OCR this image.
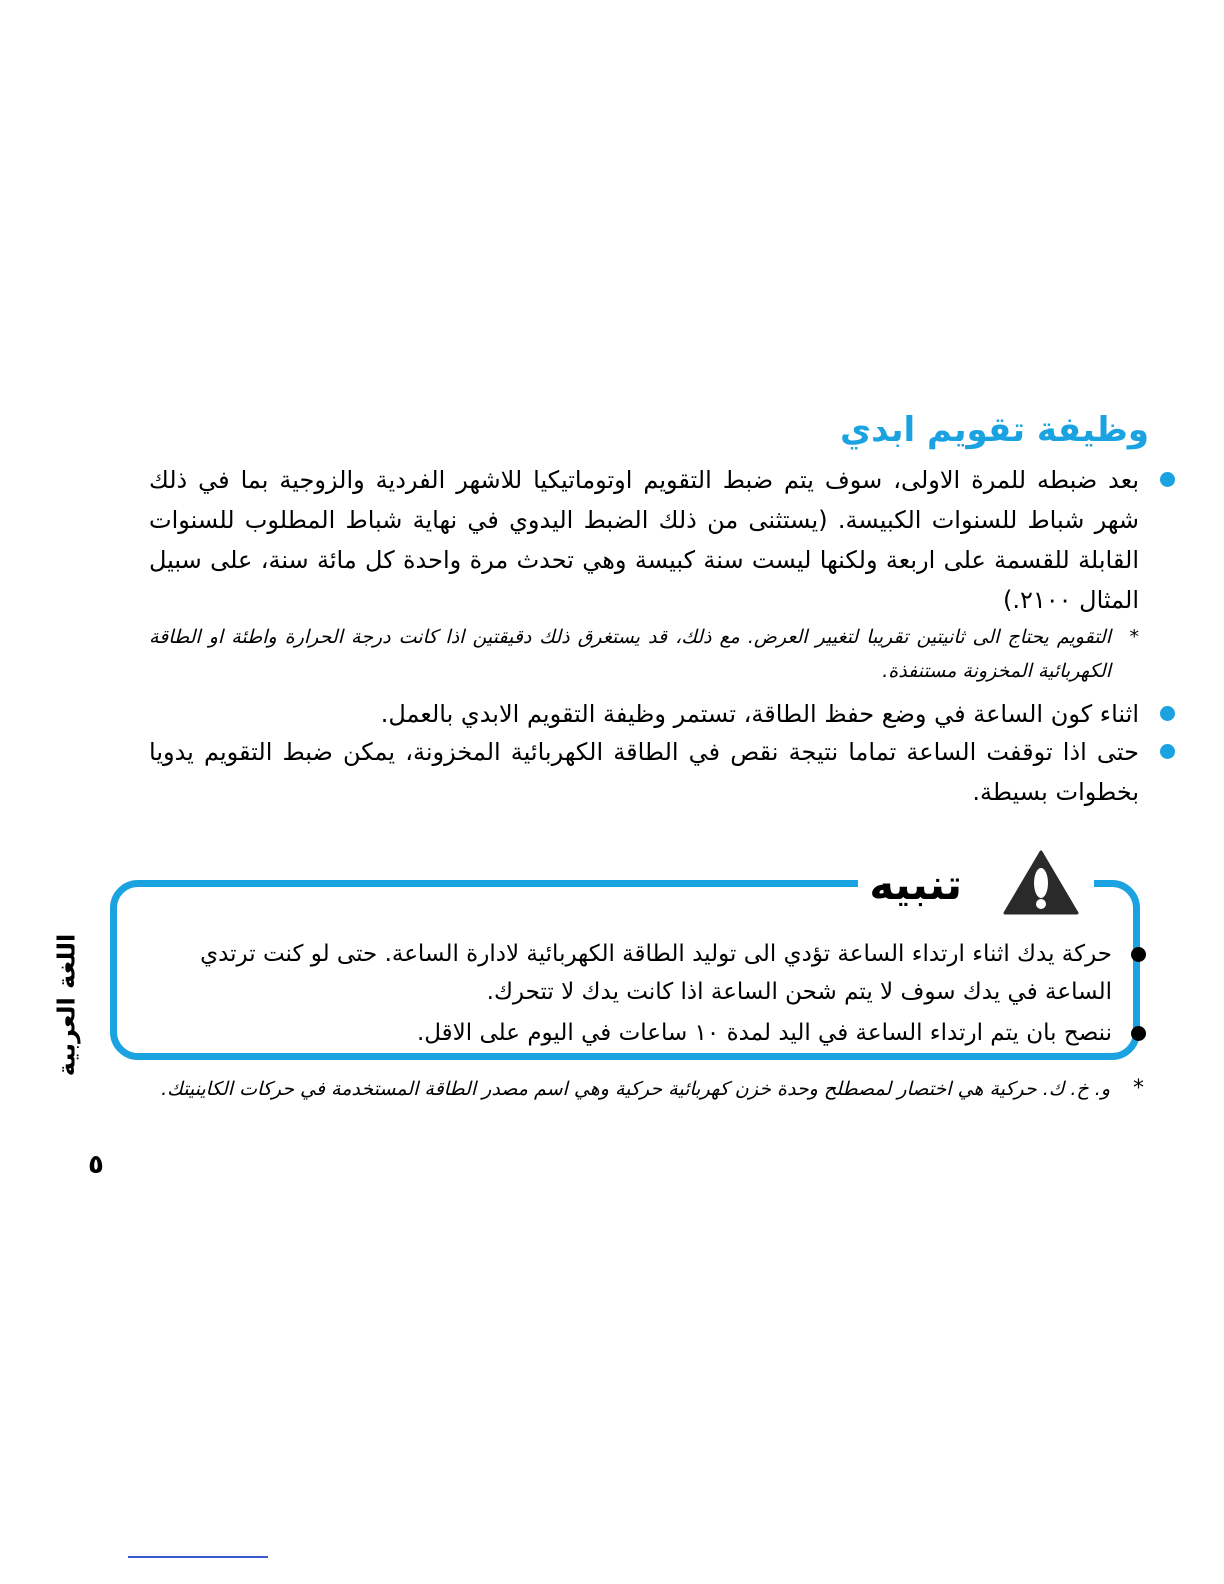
وظيفة تقويم ابدي

بعد ضبطه للمرة الاولى، سوف يتم ضبط التقويم اوتوماتيكيا للاشهر الفردية والزوجية بما في ذلك شهر شباط للسنوات الكبيسة. (يستثنى من ذلك الضبط اليدوي في نهاية شباط المطلوب للسنوات القابلة للقسمة على اربعة ولكنها ليست سنة كبيسة وهي تحدث مرة واحدة كل مائة سنة، على سبيل المثال ٢١٠٠.)

*
التقويم يحتاج الى ثانيتين تقريبا لتغيير العرض. مع ذلك، قد يستغرق ذلك دقيقتين اذا كانت درجة الحرارة واطئة او الطاقة الكهربائية المخزونة مستنفذة.

اثناء كون الساعة في وضع حفظ الطاقة، تستمر وظيفة التقويم الابدي بالعمل.

حتى اذا توقفت الساعة تماما نتيجة نقص في الطاقة الكهربائية المخزونة، يمكن ضبط التقويم يدويا بخطوات بسيطة.

تنبيه

حركة يدك اثناء ارتداء الساعة تؤدي الى توليد الطاقة الكهربائية لادارة الساعة. حتى لو كنت ترتدي الساعة في يدك سوف لا يتم شحن الساعة اذا كانت يدك لا تتحرك.

ننصح بان يتم ارتداء الساعة في اليد لمدة ١٠ ساعات في اليوم على الاقل.

*
و. خ. ك. حركية هي اختصار لمصطلح وحدة خزن كهربائية حركية وهي اسم مصدر الطاقة المستخدمة في حركات الكاينيتك.

اللغة العربية
٥
